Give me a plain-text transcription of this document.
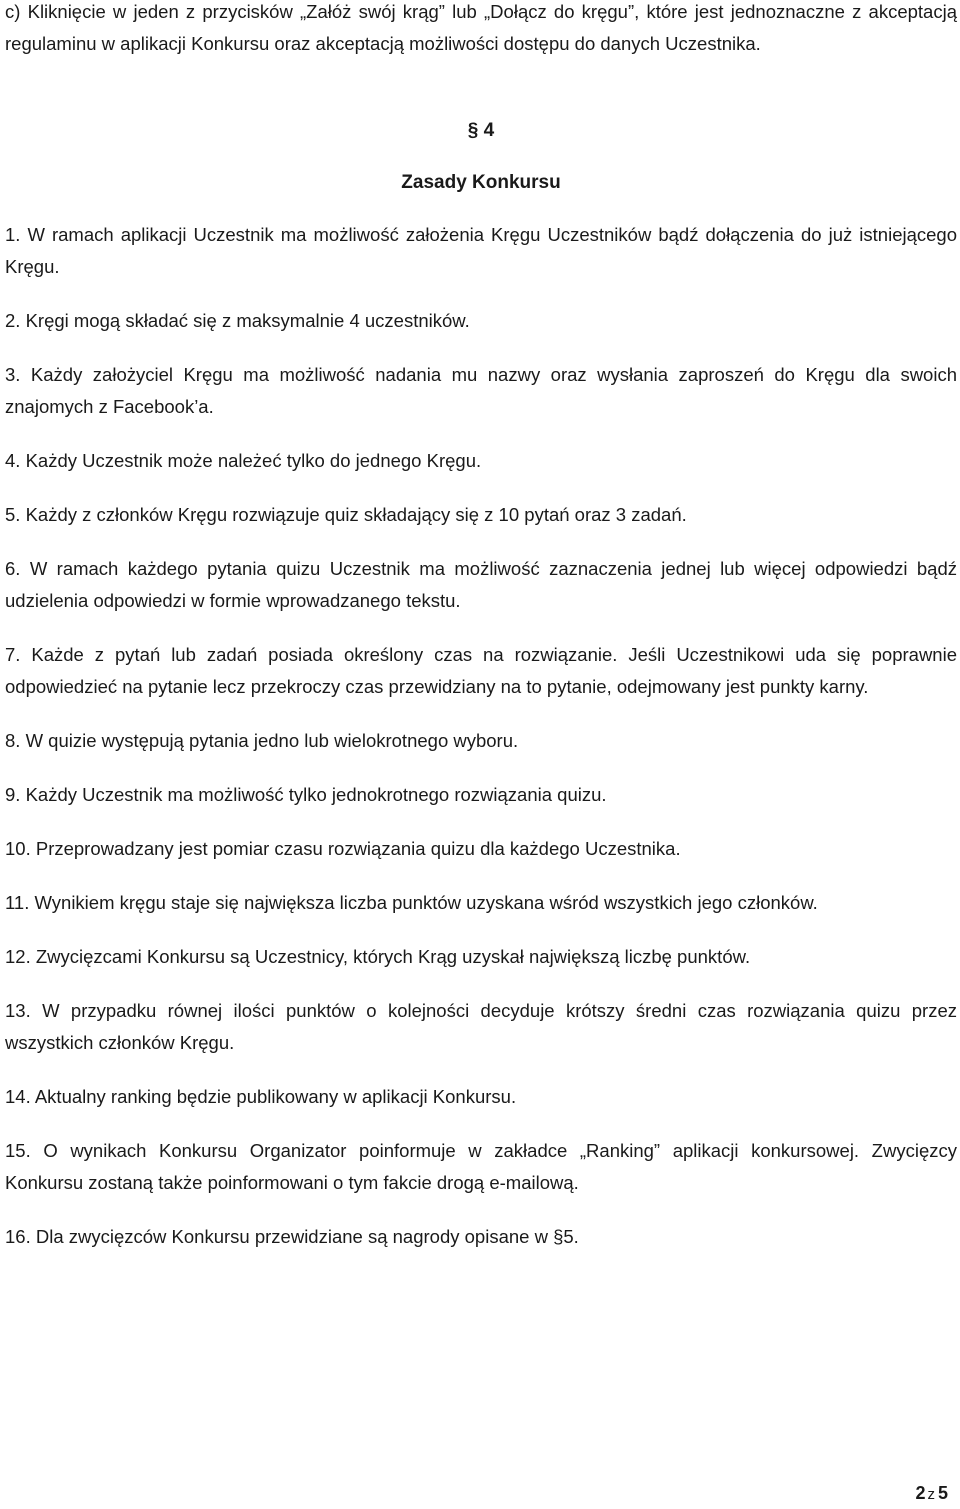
c) Kliknięcie w jeden z przycisków „Załóż swój krąg” lub „Dołącz do kręgu”, które jest jednoznaczne z akceptacją regulaminu w aplikacji Konkursu oraz akceptacją możliwości dostępu do danych Uczestnika.

§ 4
Zasady Konkursu

1. W ramach aplikacji Uczestnik ma możliwość założenia Kręgu Uczestników bądź dołączenia do już istniejącego Kręgu.

2. Kręgi mogą składać się z maksymalnie 4 uczestników.

3. Każdy założyciel Kręgu ma możliwość nadania mu nazwy oraz wysłania zaproszeń do Kręgu dla swoich znajomych z Facebook’a.

4. Każdy Uczestnik może należeć tylko do jednego Kręgu.

5. Każdy z członków Kręgu rozwiązuje quiz składający się z 10 pytań oraz 3 zadań.

6. W ramach każdego pytania quizu Uczestnik ma możliwość zaznaczenia jednej lub więcej odpowiedzi bądź udzielenia odpowiedzi w formie wprowadzanego tekstu.

7. Każde z pytań lub zadań posiada określony czas na rozwiązanie. Jeśli Uczestnikowi uda się poprawnie odpowiedzieć na pytanie lecz przekroczy czas przewidziany na to pytanie, odejmowany jest punkty karny.

8. W quizie występują pytania jedno lub wielokrotnego wyboru.

9. Każdy Uczestnik ma możliwość tylko jednokrotnego rozwiązania quizu.

10. Przeprowadzany jest pomiar czasu rozwiązania quizu dla każdego Uczestnika.

11. Wynikiem kręgu staje się największa liczba punktów uzyskana wśród wszystkich jego członków.

12. Zwycięzcami Konkursu są Uczestnicy, których Krąg uzyskał największą liczbę punktów.

13. W przypadku równej ilości punktów o kolejności decyduje krótszy średni czas rozwiązania quizu przez wszystkich członków Kręgu.

14. Aktualny ranking będzie publikowany w aplikacji Konkursu.

15. O wynikach Konkursu Organizator poinformuje w zakładce „Ranking” aplikacji konkursowej. Zwycięzcy Konkursu zostaną także poinformowani o tym fakcie drogą e-mailową.

16. Dla zwycięzców Konkursu przewidziane są nagrody opisane w §5.

2 z 5
